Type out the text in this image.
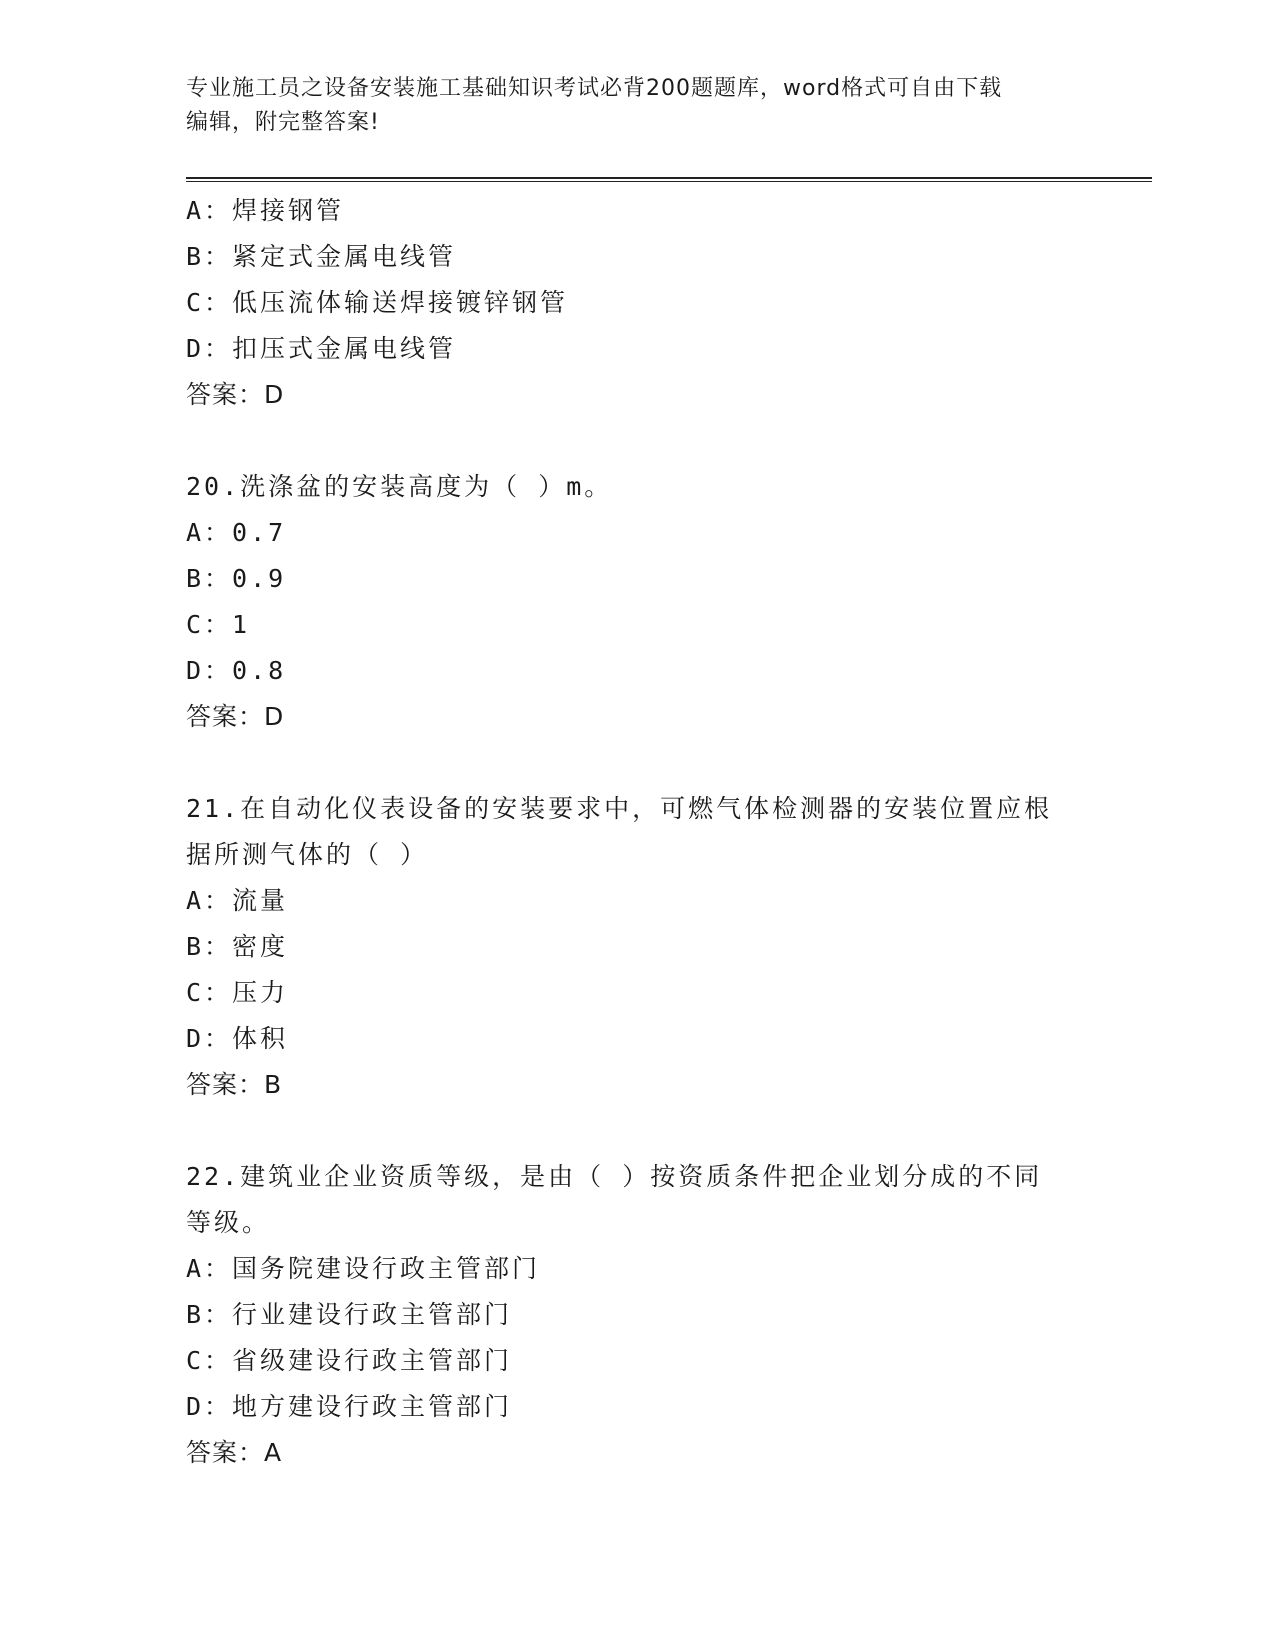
专业施工员之设备安装施工基础知识考试必背200题题库，word格式可自由下载
编辑，附完整答案!
A：焊接钢管
B：紧定式金属电线管
C：低压流体输送焊接镀锌钢管
D：扣压式金属电线管
答案：D
20.洗涤盆的安装高度为（ ）m。
A：0.7
B：0.9
C：1
D：0.8
答案：D
21.在自动化仪表设备的安装要求中，可燃气体检测器的安装位置应根
据所测气体的（ ）
A：流量
B：密度
C：压力
D：体积
答案：B
22.建筑业企业资质等级，是由（ ）按资质条件把企业划分成的不同
等级。
A：国务院建设行政主管部门
B：行业建设行政主管部门
C：省级建设行政主管部门
D：地方建设行政主管部门
答案：A
